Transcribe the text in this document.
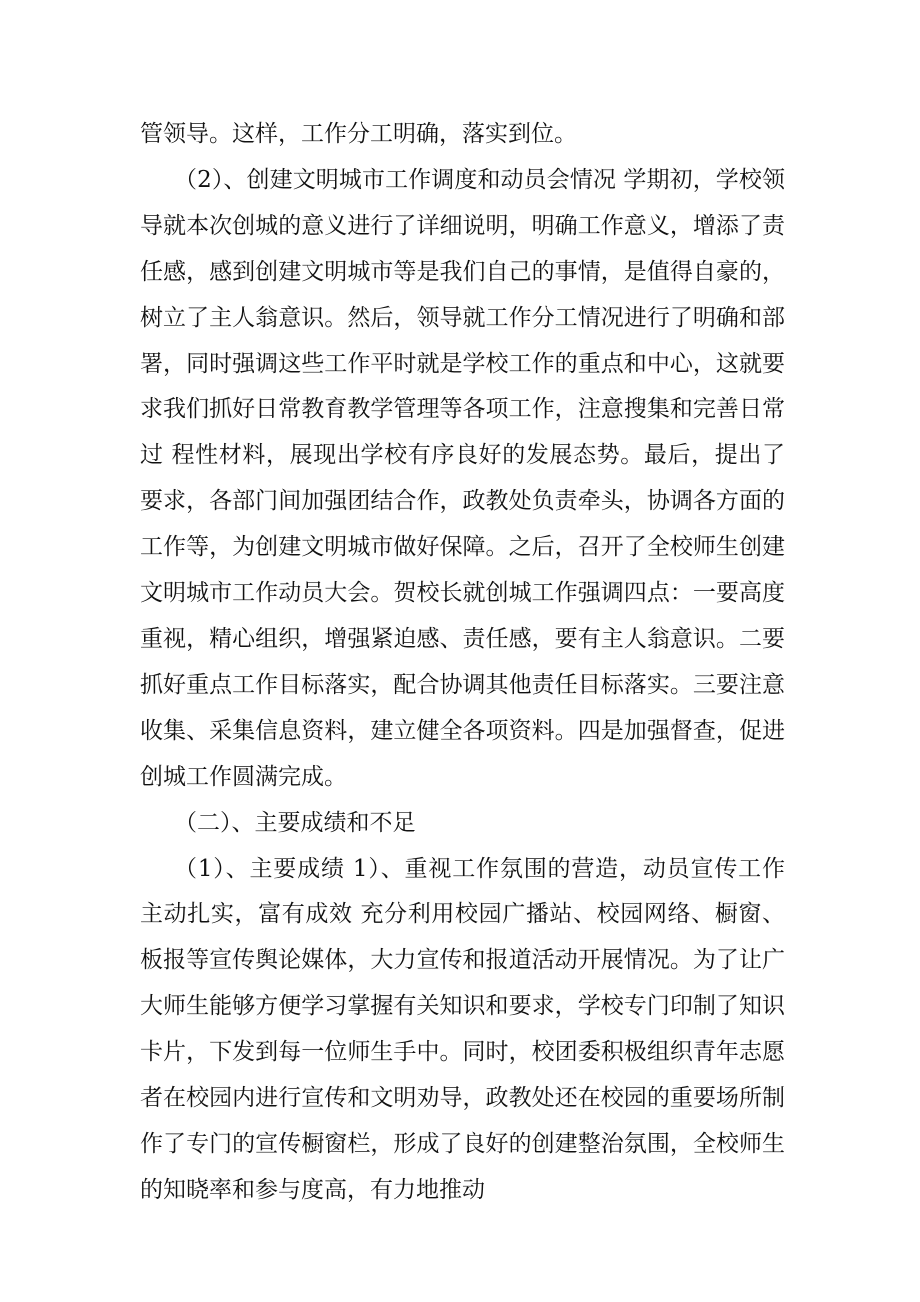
管领导。这样，工作分工明确，落实到位。

（2）、创建文明城市工作调度和动员会情况 学期初，学校领导就本次创城的意义进行了详细说明，明确工作意义，增添了责任感，感到创建文明城市等是我们自己的事情，是值得自豪的，树立了主人翁意识。然后，领导就工作分工情况进行了明确和部署，同时强调这些工作平时就是学校工作的重点和中心，这就要求我们抓好日常教育教学管理等各项工作，注意搜集和完善日常过 程性材料，展现出学校有序良好的发展态势。最后，提出了要求，各部门间加强团结合作，政教处负责牵头，协调各方面的工作等，为创建文明城市做好保障。之后，召开了全校师生创建文明城市工作动员大会。贺校长就创城工作强调四点：一要高度重视，精心组织，增强紧迫感、责任感，要有主人翁意识。二要抓好重点工作目标落实，配合协调其他责任目标落实。三要注意收集、采集信息资料，建立健全各项资料。四是加强督查，促进创城工作圆满完成。

（二）、主要成绩和不足

（1）、主要成绩 1）、重视工作氛围的营造，动员宣传工作主动扎实，富有成效 充分利用校园广播站、校园网络、橱窗、板报等宣传舆论媒体，大力宣传和报道活动开展情况。为了让广大师生能够方便学习掌握有关知识和要求，学校专门印制了知识卡片，下发到每一位师生手中。同时，校团委积极组织青年志愿者在校园内进行宣传和文明劝导，政教处还在校园的重要场所制作了专门的宣传橱窗栏，形成了良好的创建整治氛围，全校师生的知晓率和参与度高，有力地推动
